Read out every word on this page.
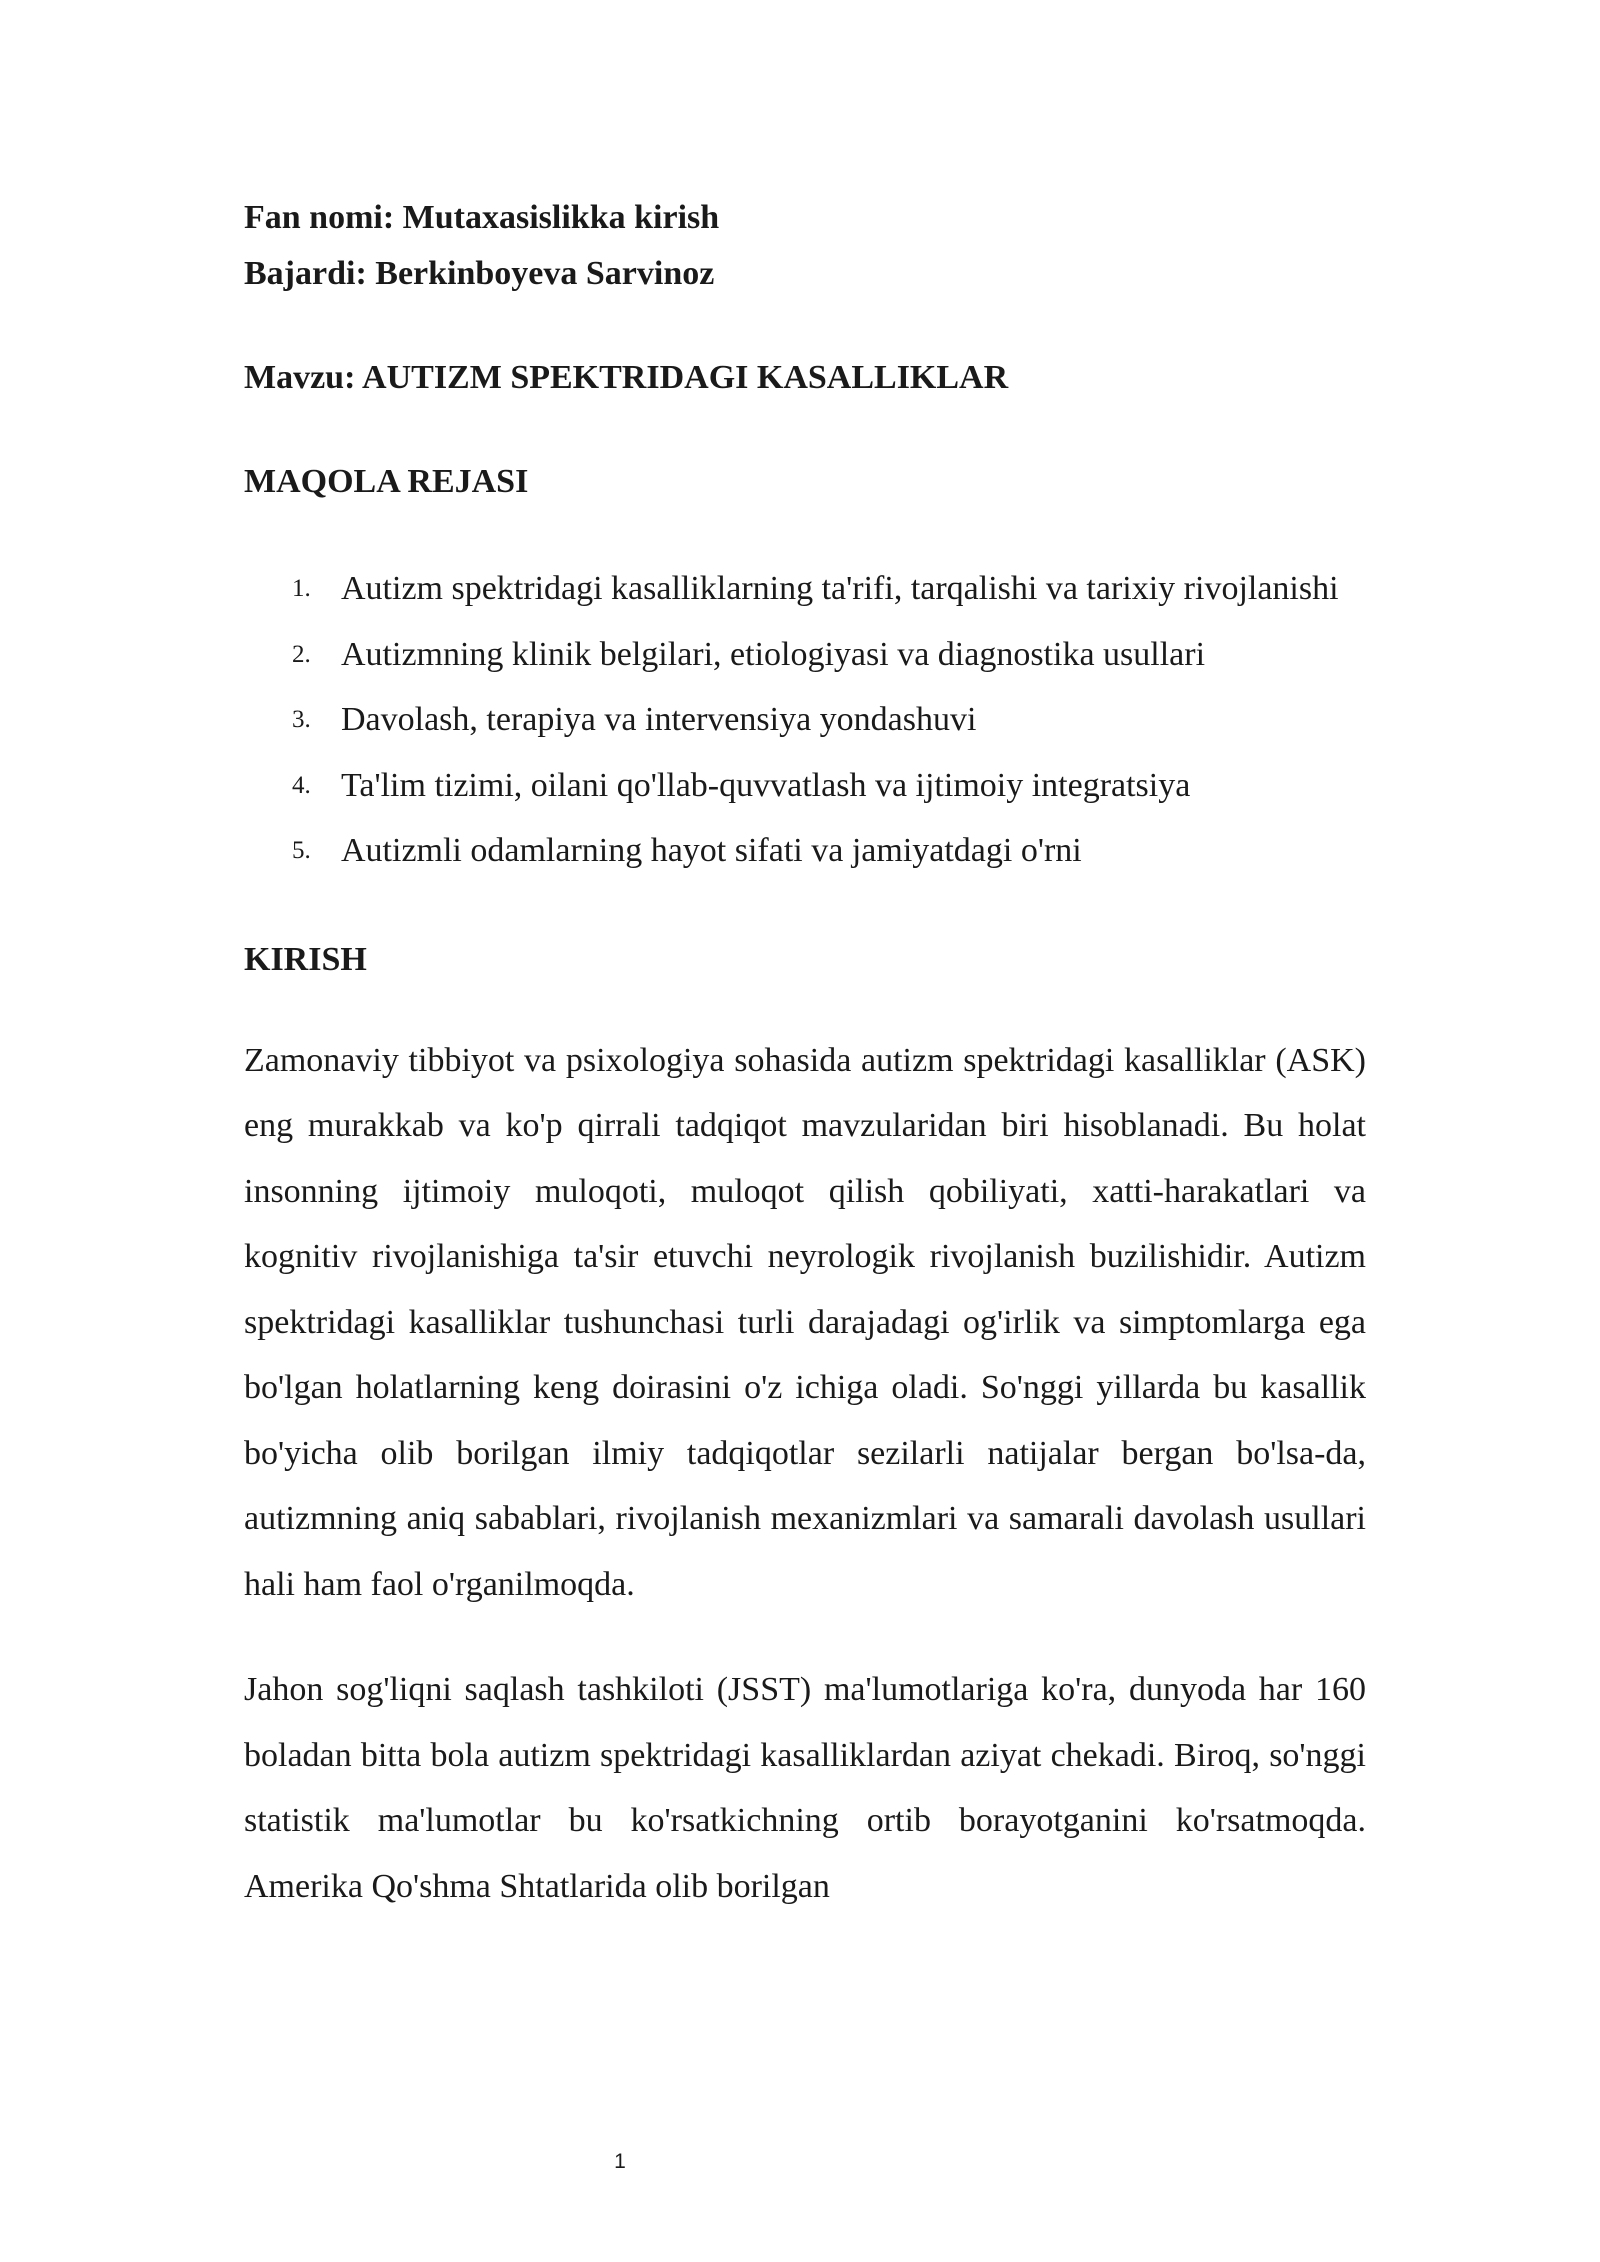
Fan nomi: Mutaxasislikka kirish

Bajardi: Berkinboyeva Sarvinoz

Mavzu: AUTIZM SPEKTRIDAGI KASALLIKLAR

MAQOLA REJASI

1. Autizm spektridagi kasalliklarning ta'rifi, tarqalishi va tarixiy rivojlanishi
2. Autizmning klinik belgilari, etiologiyasi va diagnostika usullari
3. Davolash, terapiya va intervensiya yondashuvi
4. Ta'lim tizimi, oilani qo'llab-quvvatlash va ijtimoiy integratsiya
5. Autizmli odamlarning hayot sifati va jamiyatdagi o'rni

KIRISH

Zamonaviy tibbiyot va psixologiya sohasida autizm spektridagi kasalliklar (ASK) eng murakkab va ko'p qirrali tadqiqot mavzularidan biri hisoblanadi. Bu holat insonning ijtimoiy muloqoti, muloqot qilish qobiliyati, xatti-harakatlari va kognitiv rivojlanishiga ta'sir etuvchi neyrologik rivojlanish buzilishidir. Autizm spektridagi kasalliklar tushunchasi turli darajadagi og'irlik va simptomlarga ega bo'lgan holatlarning keng doirasini o'z ichiga oladi. So'nggi yillarda bu kasallik bo'yicha olib borilgan ilmiy tadqiqotlar sezilarli natijalar bergan bo'lsa-da, autizmning aniq sabablari, rivojlanish mexanizmlari va samarali davolash usullari hali ham faol o'rganilmoqda.

Jahon sog'liqni saqlash tashkiloti (JSST) ma'lumotlariga ko'ra, dunyoda har 160 boladan bitta bola autizm spektridagi kasalliklardan aziyat chekadi. Biroq, so'nggi statistik ma'lumotlar bu ko'rsatkichning ortib borayotganini ko'rsatmoqda. Amerika Qo'shma Shtatlarida olib borilgan

1
